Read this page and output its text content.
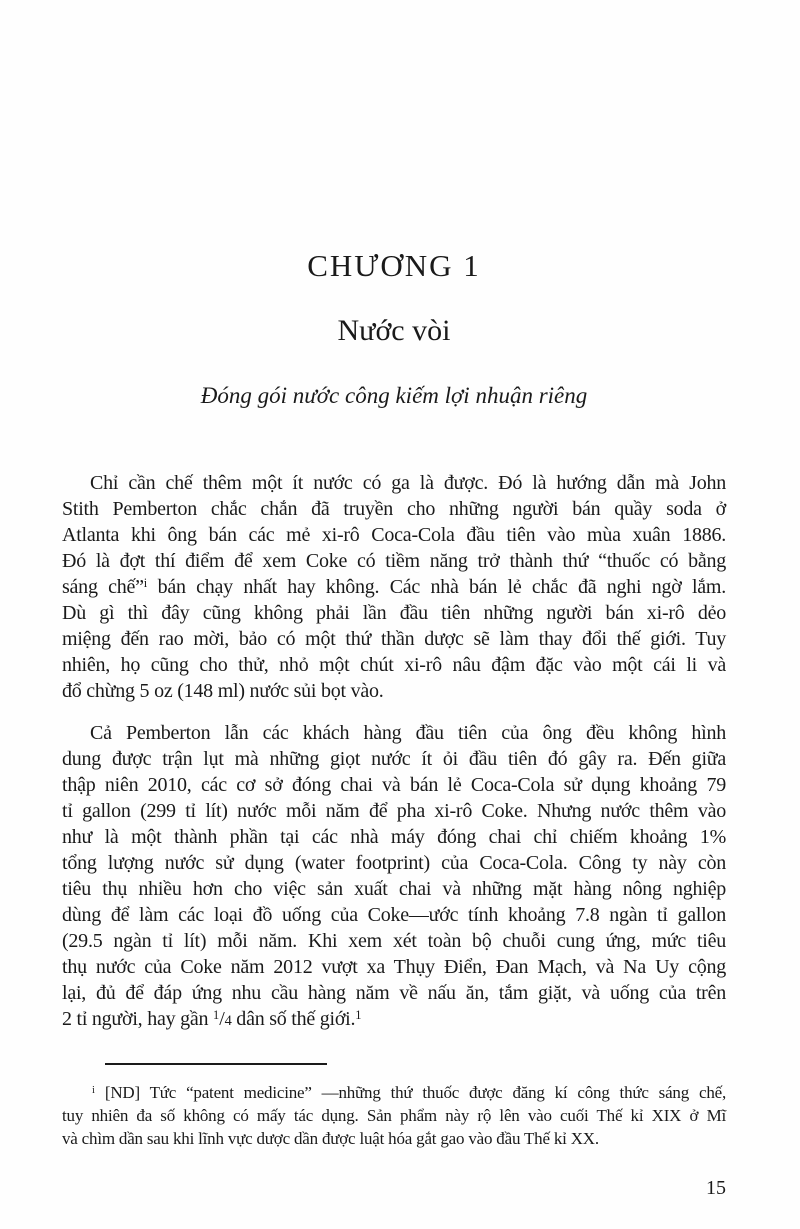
CHƯƠNG 1
Nước vòi
Đóng gói nước công kiếm lợi nhuận riêng
Chỉ cần chế thêm một ít nước có ga là được. Đó là hướng dẫn mà John
Stith Pemberton chắc chắn đã truyền cho những người bán quầy soda ở
Atlanta khi ông bán các mẻ xi-rô Coca-Cola đầu tiên vào mùa xuân 1886.
Đó là đợt thí điểm để xem Coke có tiềm năng trở thành thứ “thuốc có bằng
sáng chế”$^i$ bán chạy nhất hay không. Các nhà bán lẻ chắc đã nghi ngờ lắm.
Dù gì thì đây cũng không phải lần đầu tiên những người bán xi-rô dẻo
miệng đến rao mời, bảo có một thứ thần dược sẽ làm thay đổi thế giới. Tuy
nhiên, họ cũng cho thử, nhỏ một chút xi-rô nâu đậm đặc vào một cái li và
đổ chừng 5 oz (148 ml) nước sủi bọt vào.
Cả Pemberton lẫn các khách hàng đầu tiên của ông đều không hình
dung được trận lụt mà những giọt nước ít ỏi đầu tiên đó gây ra. Đến giữa
thập niên 2010, các cơ sở đóng chai và bán lẻ Coca-Cola sử dụng khoảng 79
tỉ gallon (299 tỉ lít) nước mỗi năm để pha xi-rô Coke. Nhưng nước thêm vào
như là một thành phần tại các nhà máy đóng chai chỉ chiếm khoảng 1%
tổng lượng nước sử dụng (water footprint) của Coca-Cola. Công ty này còn
tiêu thụ nhiều hơn cho việc sản xuất chai và những mặt hàng nông nghiệp
dùng để làm các loại đồ uống của Coke—ước tính khoảng 7.8 ngàn tỉ gallon
(29.5 ngàn tỉ lít) mỗi năm. Khi xem xét toàn bộ chuỗi cung ứng, mức tiêu
thụ nước của Coke năm 2012 vượt xa Thụy Điển, Đan Mạch, và Na Uy cộng
lại, đủ để đáp ứng nhu cầu hàng năm về nấu ăn, tắm giặt, và uống của trên
2 tỉ người, hay gần $^1$/4 dân số thế giới.$^1$
$^i$ [ND] Tức “patent medicine” —những thứ thuốc được đăng kí công thức sáng chế,
tuy nhiên đa số không có mấy tác dụng. Sản phẩm này rộ lên vào cuối Thế kỉ XIX ở Mĩ
và chìm dần sau khi lĩnh vực dược dần được luật hóa gắt gao vào đầu Thế kỉ XX.
15
